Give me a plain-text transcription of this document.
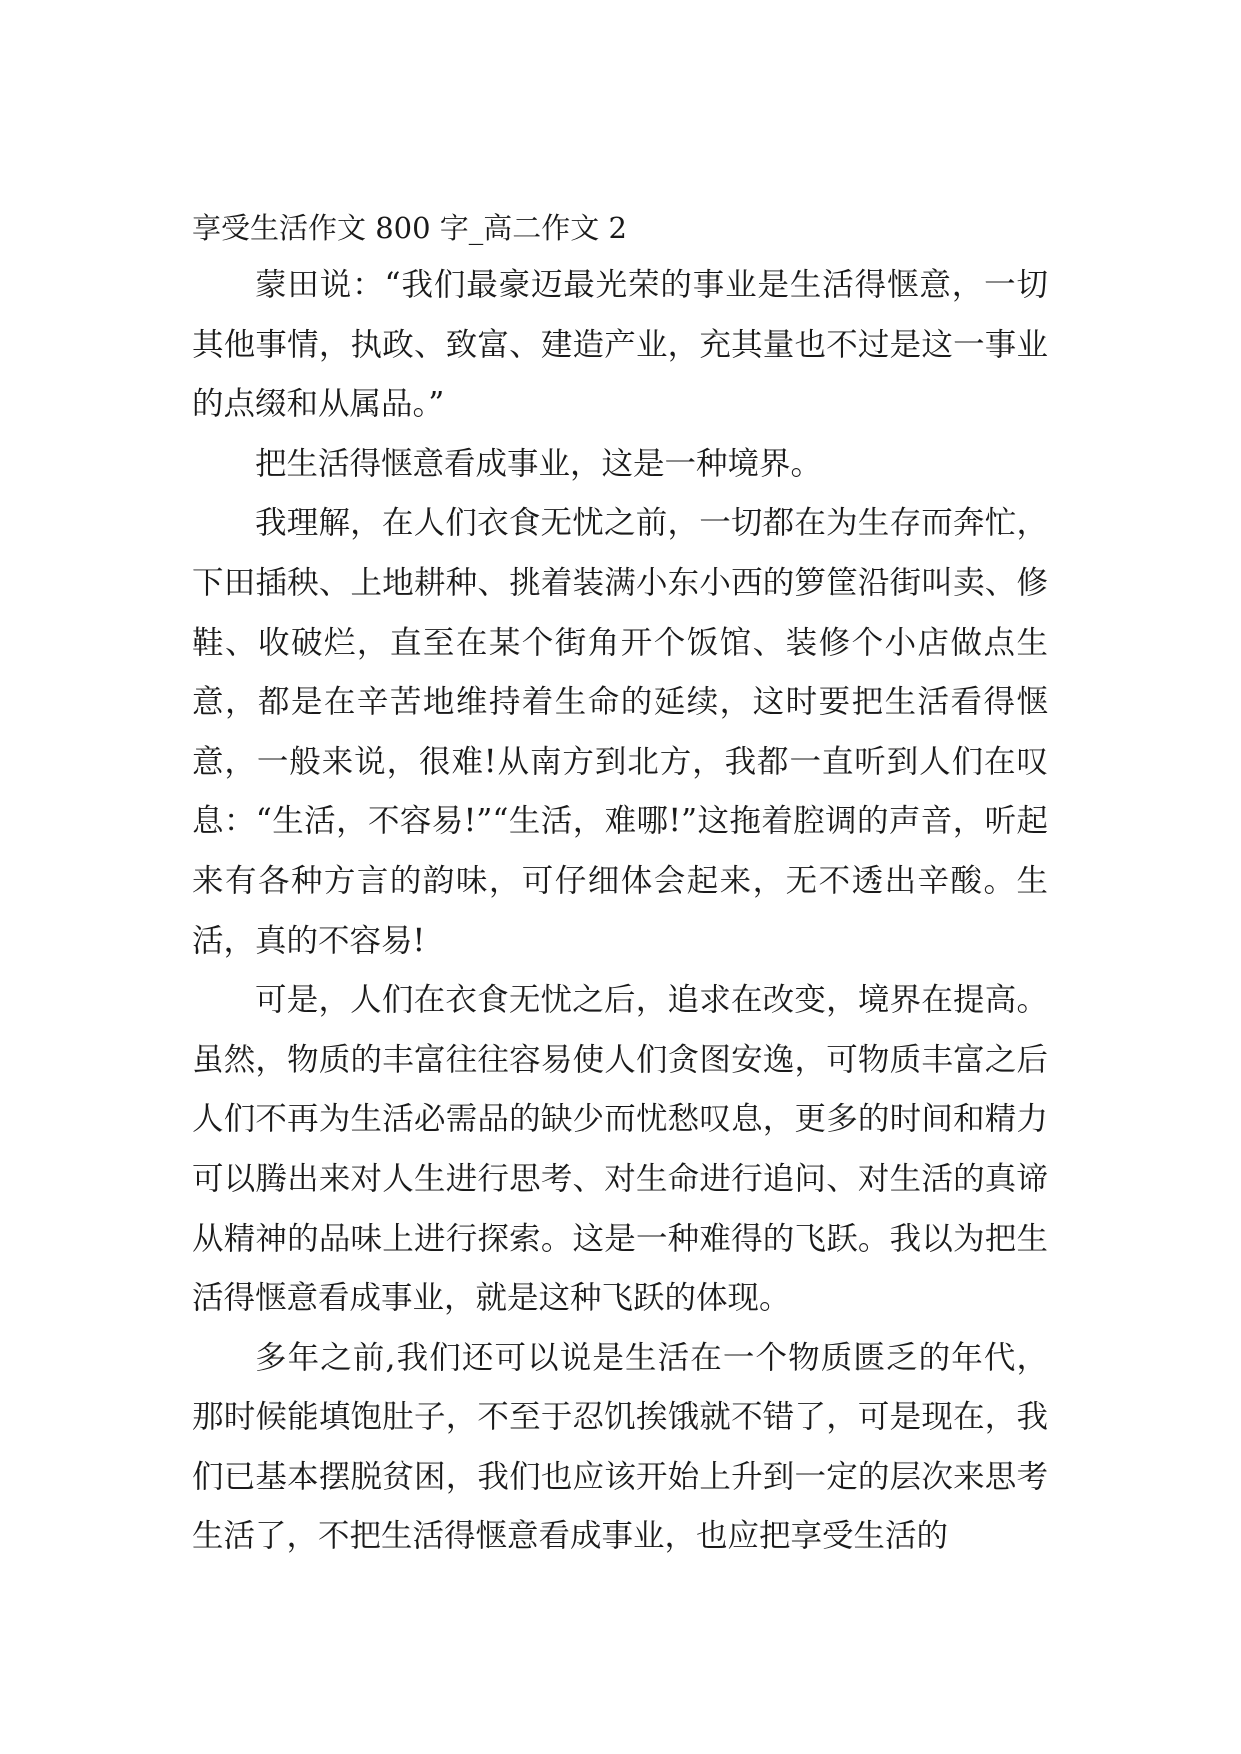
享受生活作文 800 字_高二作文 2

蒙田说：“我们最豪迈最光荣的事业是生活得惬意，一切其他事情，执政、致富、建造产业，充其量也不过是这一事业的点缀和从属品。”

把生活得惬意看成事业，这是一种境界。

我理解，在人们衣食无忧之前，一切都在为生存而奔忙，下田插秧、上地耕种、挑着装满小东小西的箩筐沿街叫卖、修鞋、收破烂，直至在某个街角开个饭馆、装修个小店做点生意，都是在辛苦地维持着生命的延续，这时要把生活看得惬意，一般来说，很难!从南方到北方，我都一直听到人们在叹息：“生活，不容易!”“生活，难哪!”这拖着腔调的声音，听起来有各种方言的韵味，可仔细体会起来，无不透出辛酸。生活，真的不容易!

可是，人们在衣食无忧之后，追求在改变，境界在提高。虽然，物质的丰富往往容易使人们贪图安逸，可物质丰富之后人们不再为生活必需品的缺少而忧愁叹息，更多的时间和精力可以腾出来对人生进行思考、对生命进行追问、对生活的真谛从精神的品味上进行探索。这是一种难得的飞跃。我以为把生活得惬意看成事业，就是这种飞跃的体现。

多年之前,我们还可以说是生活在一个物质匮乏的年代，那时候能填饱肚子，不至于忍饥挨饿就不错了，可是现在，我们已基本摆脱贫困，我们也应该开始上升到一定的层次来思考生活了，不把生活得惬意看成事业，也应把享受生活的
